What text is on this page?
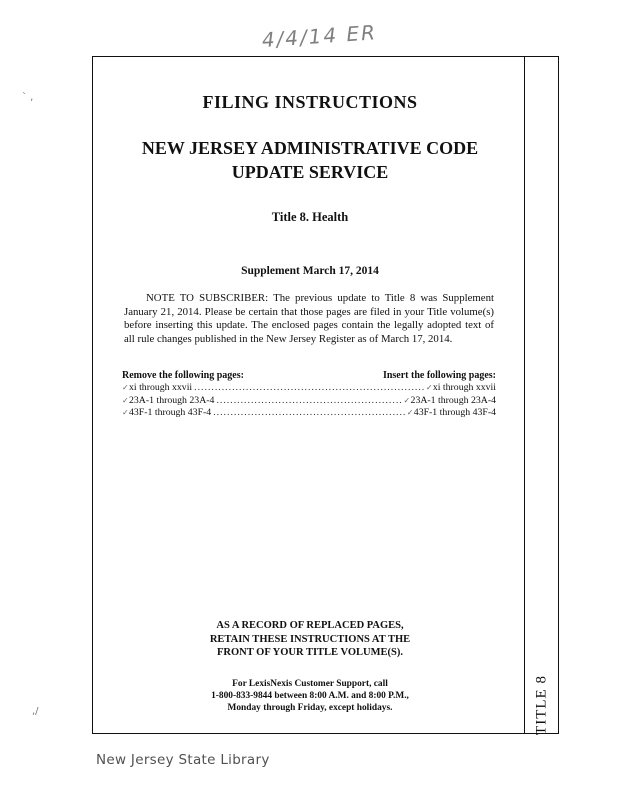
4/4/14 ER
` ,
,/	TITLE 8
FILING INSTRUCTIONS
NEW JERSEY ADMINISTRATIVE CODE
UPDATE SERVICE
Title 8. Health
Supplement March 17, 2014
NOTE TO SUBSCRIBER: The previous update to Title 8 was Supplement January 21, 2014. Please be certain that those pages are filed in your Title volume(s) before inserting this update. The enclosed pages contain the legally adopted text of all rule changes published in the New Jersey Register as of March 17, 2014.
Remove the following pages:	Insert the following pages:
✓ xi through xxvii .....	✓ xi through xxvii
✓ 23A-1 through 23A-4 .....	✓ 23A-1 through 23A-4
✓ 43F-1 through 43F-4 .....	✓ 43F-1 through 43F-4
AS A RECORD OF REPLACED PAGES,
RETAIN THESE INSTRUCTIONS AT THE
FRONT OF YOUR TITLE VOLUME(S).
For LexisNexis Customer Support, call
1-800-833-9844 between 8:00 A.M. and 8:00 P.M.,
Monday through Friday, except holidays.
New Jersey State Library
